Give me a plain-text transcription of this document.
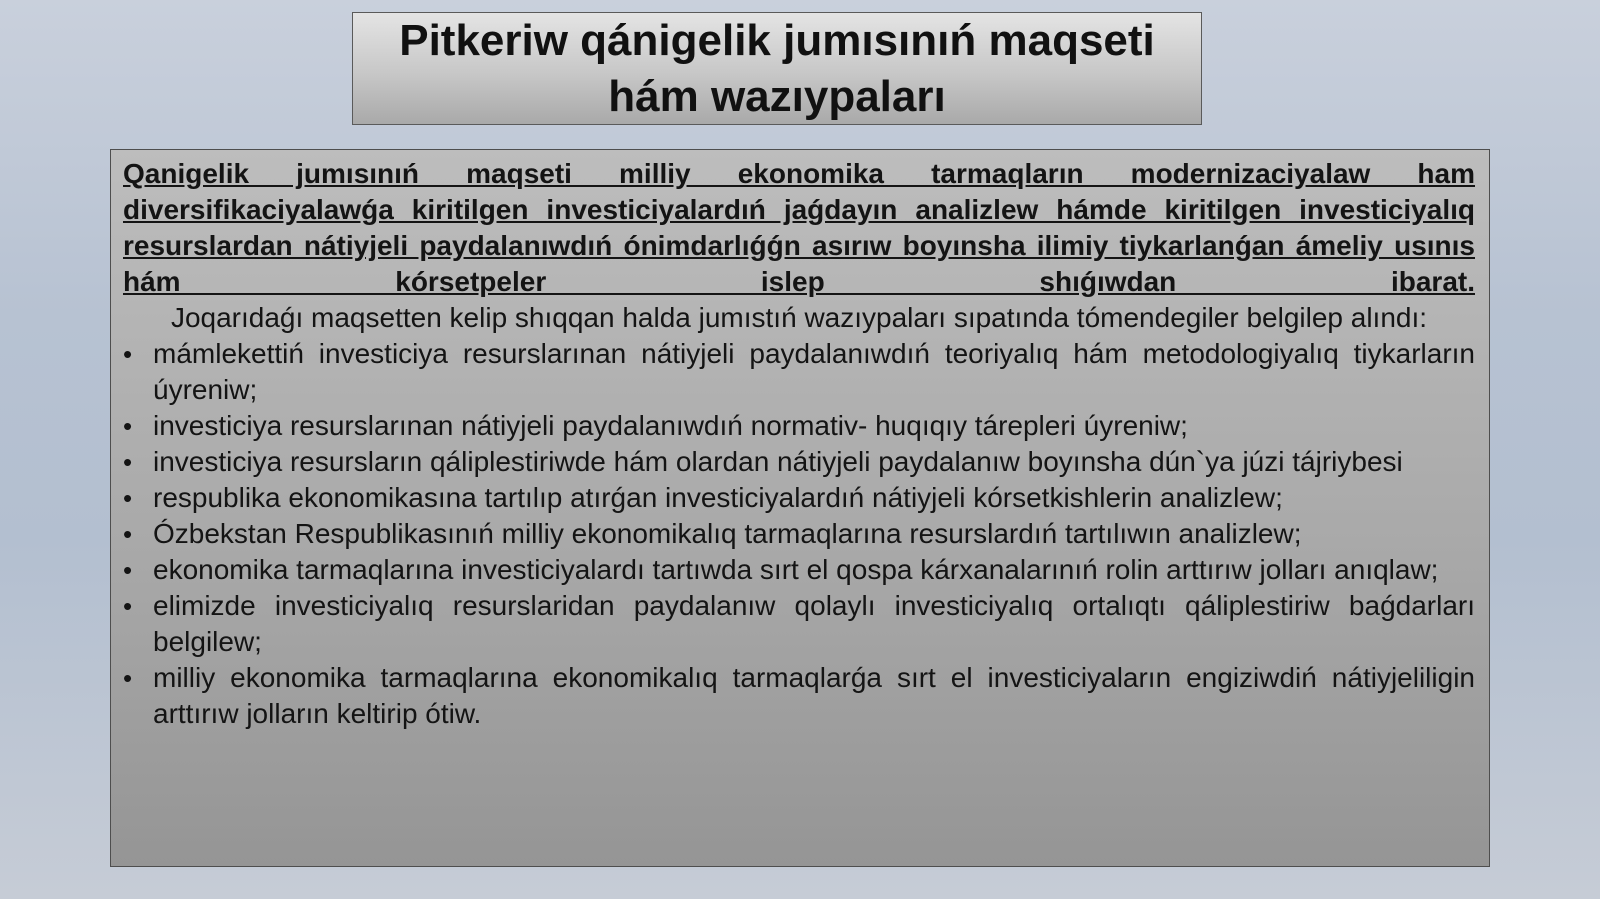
Pitkeriw qánigelik jumısınıń maqseti
hám wazıypaları

Qanigelik jumısınıń maqseti milliy ekonomika tarmaqların modernizaciyalaw ham diversifikaciyalawǵa kiritilgen investiciyalardıń jaǵdayın analizlew hámde kiritilgen investiciyalıq resurslardan nátiyjeli paydalanıwdıń ónimdarlıǵǵn asırıw boyınsha ilimiy tiykarlanǵan ámeliy usınıs hám kórsetpeler islep shıǵıwdan ibarat.

Joqarıdaǵı maqsetten kelip shıqqan halda jumıstıń wazıypaları sıpatında tómendegiler belgilep alındı:

• mámlekettiń investiciya resurslarınan nátiyjeli paydalanıwdıń teoriyalıq hám metodologiyalıq tiykarların úyreniw;
• investiciya resurslarınan nátiyjeli paydalanıwdıń normativ- huqıqıy tárepleri úyreniw;
• investiciya resursların qáliplestiriwde hám olardan nátiyjeli paydalanıw boyınsha dún`ya júzi tájriybesi
• respublika ekonomikasına tartılıp atırǵan investiciyalardıń nátiyjeli kórsetkishlerin analizlew;
• Ózbekstan Respublikasınıń milliy ekonomikalıq tarmaqlarına resurslardıń tartılıwın analizlew;
• ekonomika tarmaqlarına investiciyalardı tartıwda sırt el qospa kárxanalarınıń rolin arttırıw jolları anıqlaw;
• elimizde investiciyalıq resurslaridan paydalanıw qolaylı investiciyalıq ortalıqtı qáliplestiriw baǵdarları belgilew;
• milliy ekonomika tarmaqlarına ekonomikalıq tarmaqlarǵa sırt el investiciyaların engiziwdiń nátiyjeliligin arttırıw jolların keltirip ótiw.
